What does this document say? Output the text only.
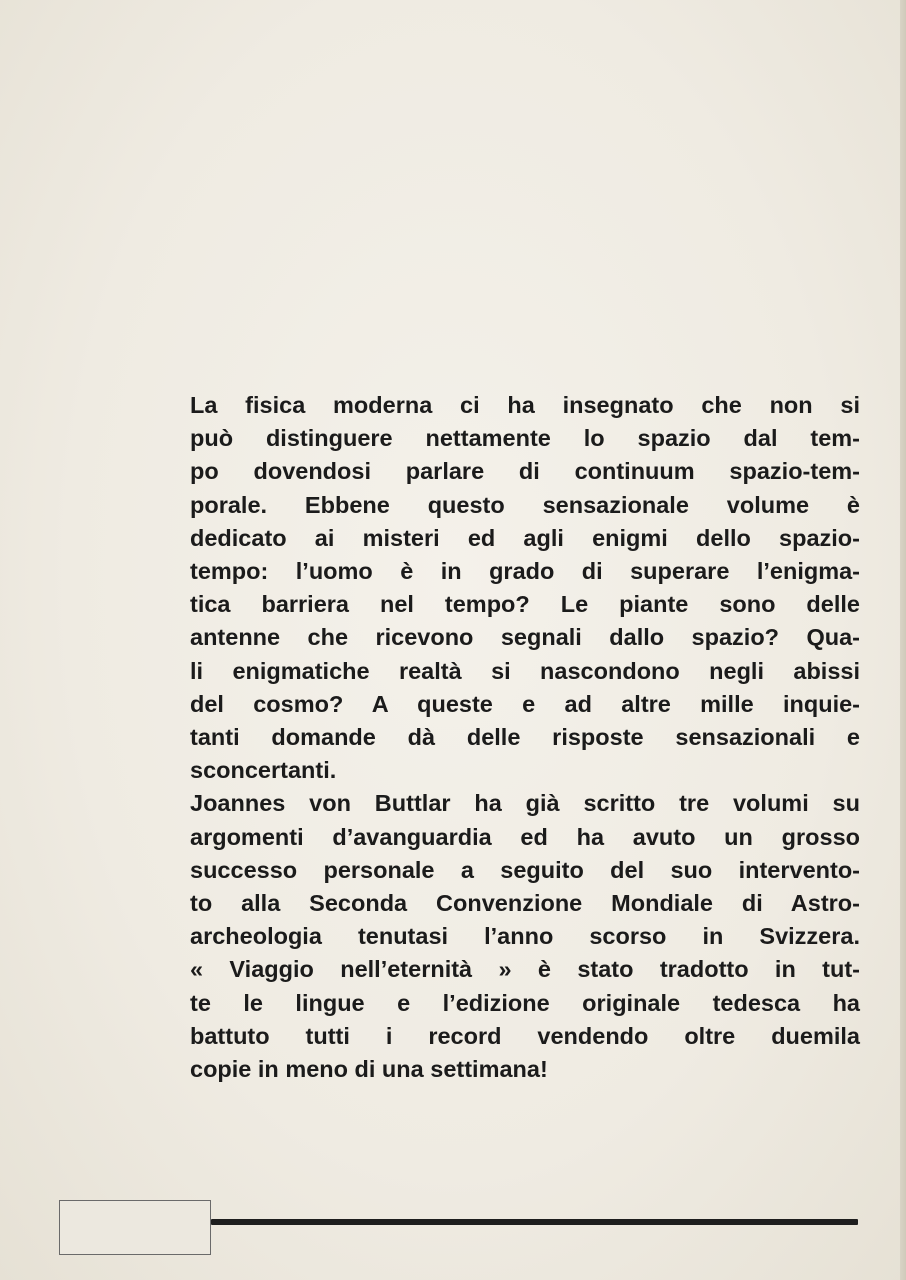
La fisica moderna ci ha insegnato che non si
può distinguere nettamente lo spazio dal tem-
po dovendosi parlare di continuum spazio-tem-
porale. Ebbene questo sensazionale volume è
dedicato ai misteri ed agli enigmi dello spazio-
tempo: l’uomo è in grado di superare l’enigma-
tica barriera nel tempo? Le piante sono delle
antenne che ricevono segnali dallo spazio? Qua-
li enigmatiche realtà si nascondono negli abissi
del cosmo? A queste e ad altre mille inquie-
tanti domande dà delle risposte sensazionali e
sconcertanti.
Joannes von Buttlar ha già scritto tre volumi su
argomenti d’avanguardia ed ha avuto un grosso
successo personale a seguito del suo intervento-
to alla Seconda Convenzione Mondiale di Astro-
archeologia tenutasi l’anno scorso in Svizzera.
« Viaggio nell’eternità » è stato tradotto in tut-
te le lingue e l’edizione originale tedesca ha
battuto tutti i record vendendo oltre duemila
copie in meno di una settimana!
